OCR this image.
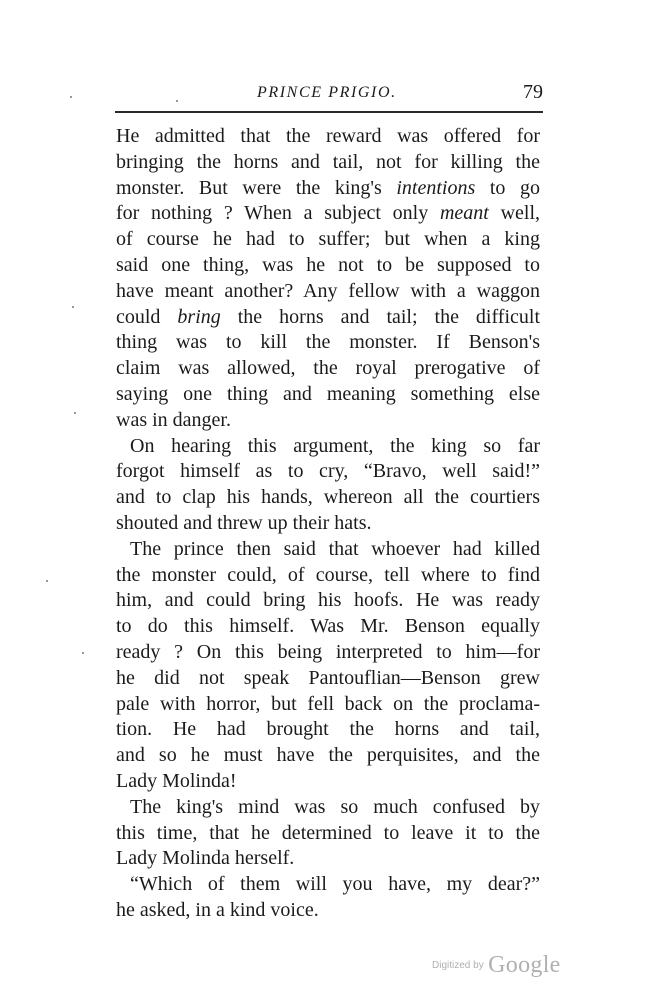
PRINCE PRIGIO.	79
He admitted that the reward was offered for
bringing the horns and tail, not for killing the
monster. But were the king's intentions to go
for nothing ? When a subject only meant well,
of course he had to suffer; but when a king
said one thing, was he not to be supposed to
have meant another? Any fellow with a waggon
could bring the horns and tail; the difficult
thing was to kill the monster. If Benson's
claim was allowed, the royal prerogative of
saying one thing and meaning something else
was in danger.
On hearing this argument, the king so far
forgot himself as to cry, “Bravo, well said!”
and to clap his hands, whereon all the courtiers
shouted and threw up their hats.
The prince then said that whoever had killed
the monster could, of course, tell where to find
him, and could bring his hoofs. He was ready
to do this himself. Was Mr. Benson equally
ready ? On this being interpreted to him—for
he did not speak Pantouflian—Benson grew
pale with horror, but fell back on the proclama-
tion. He had brought the horns and tail,
and so he must have the perquisites, and the
Lady Molinda!
The king's mind was so much confused by
this time, that he determined to leave it to the
Lady Molinda herself.
“Which of them will you have, my dear?”
he asked, in a kind voice.
$^{Digitized by}$ Google
